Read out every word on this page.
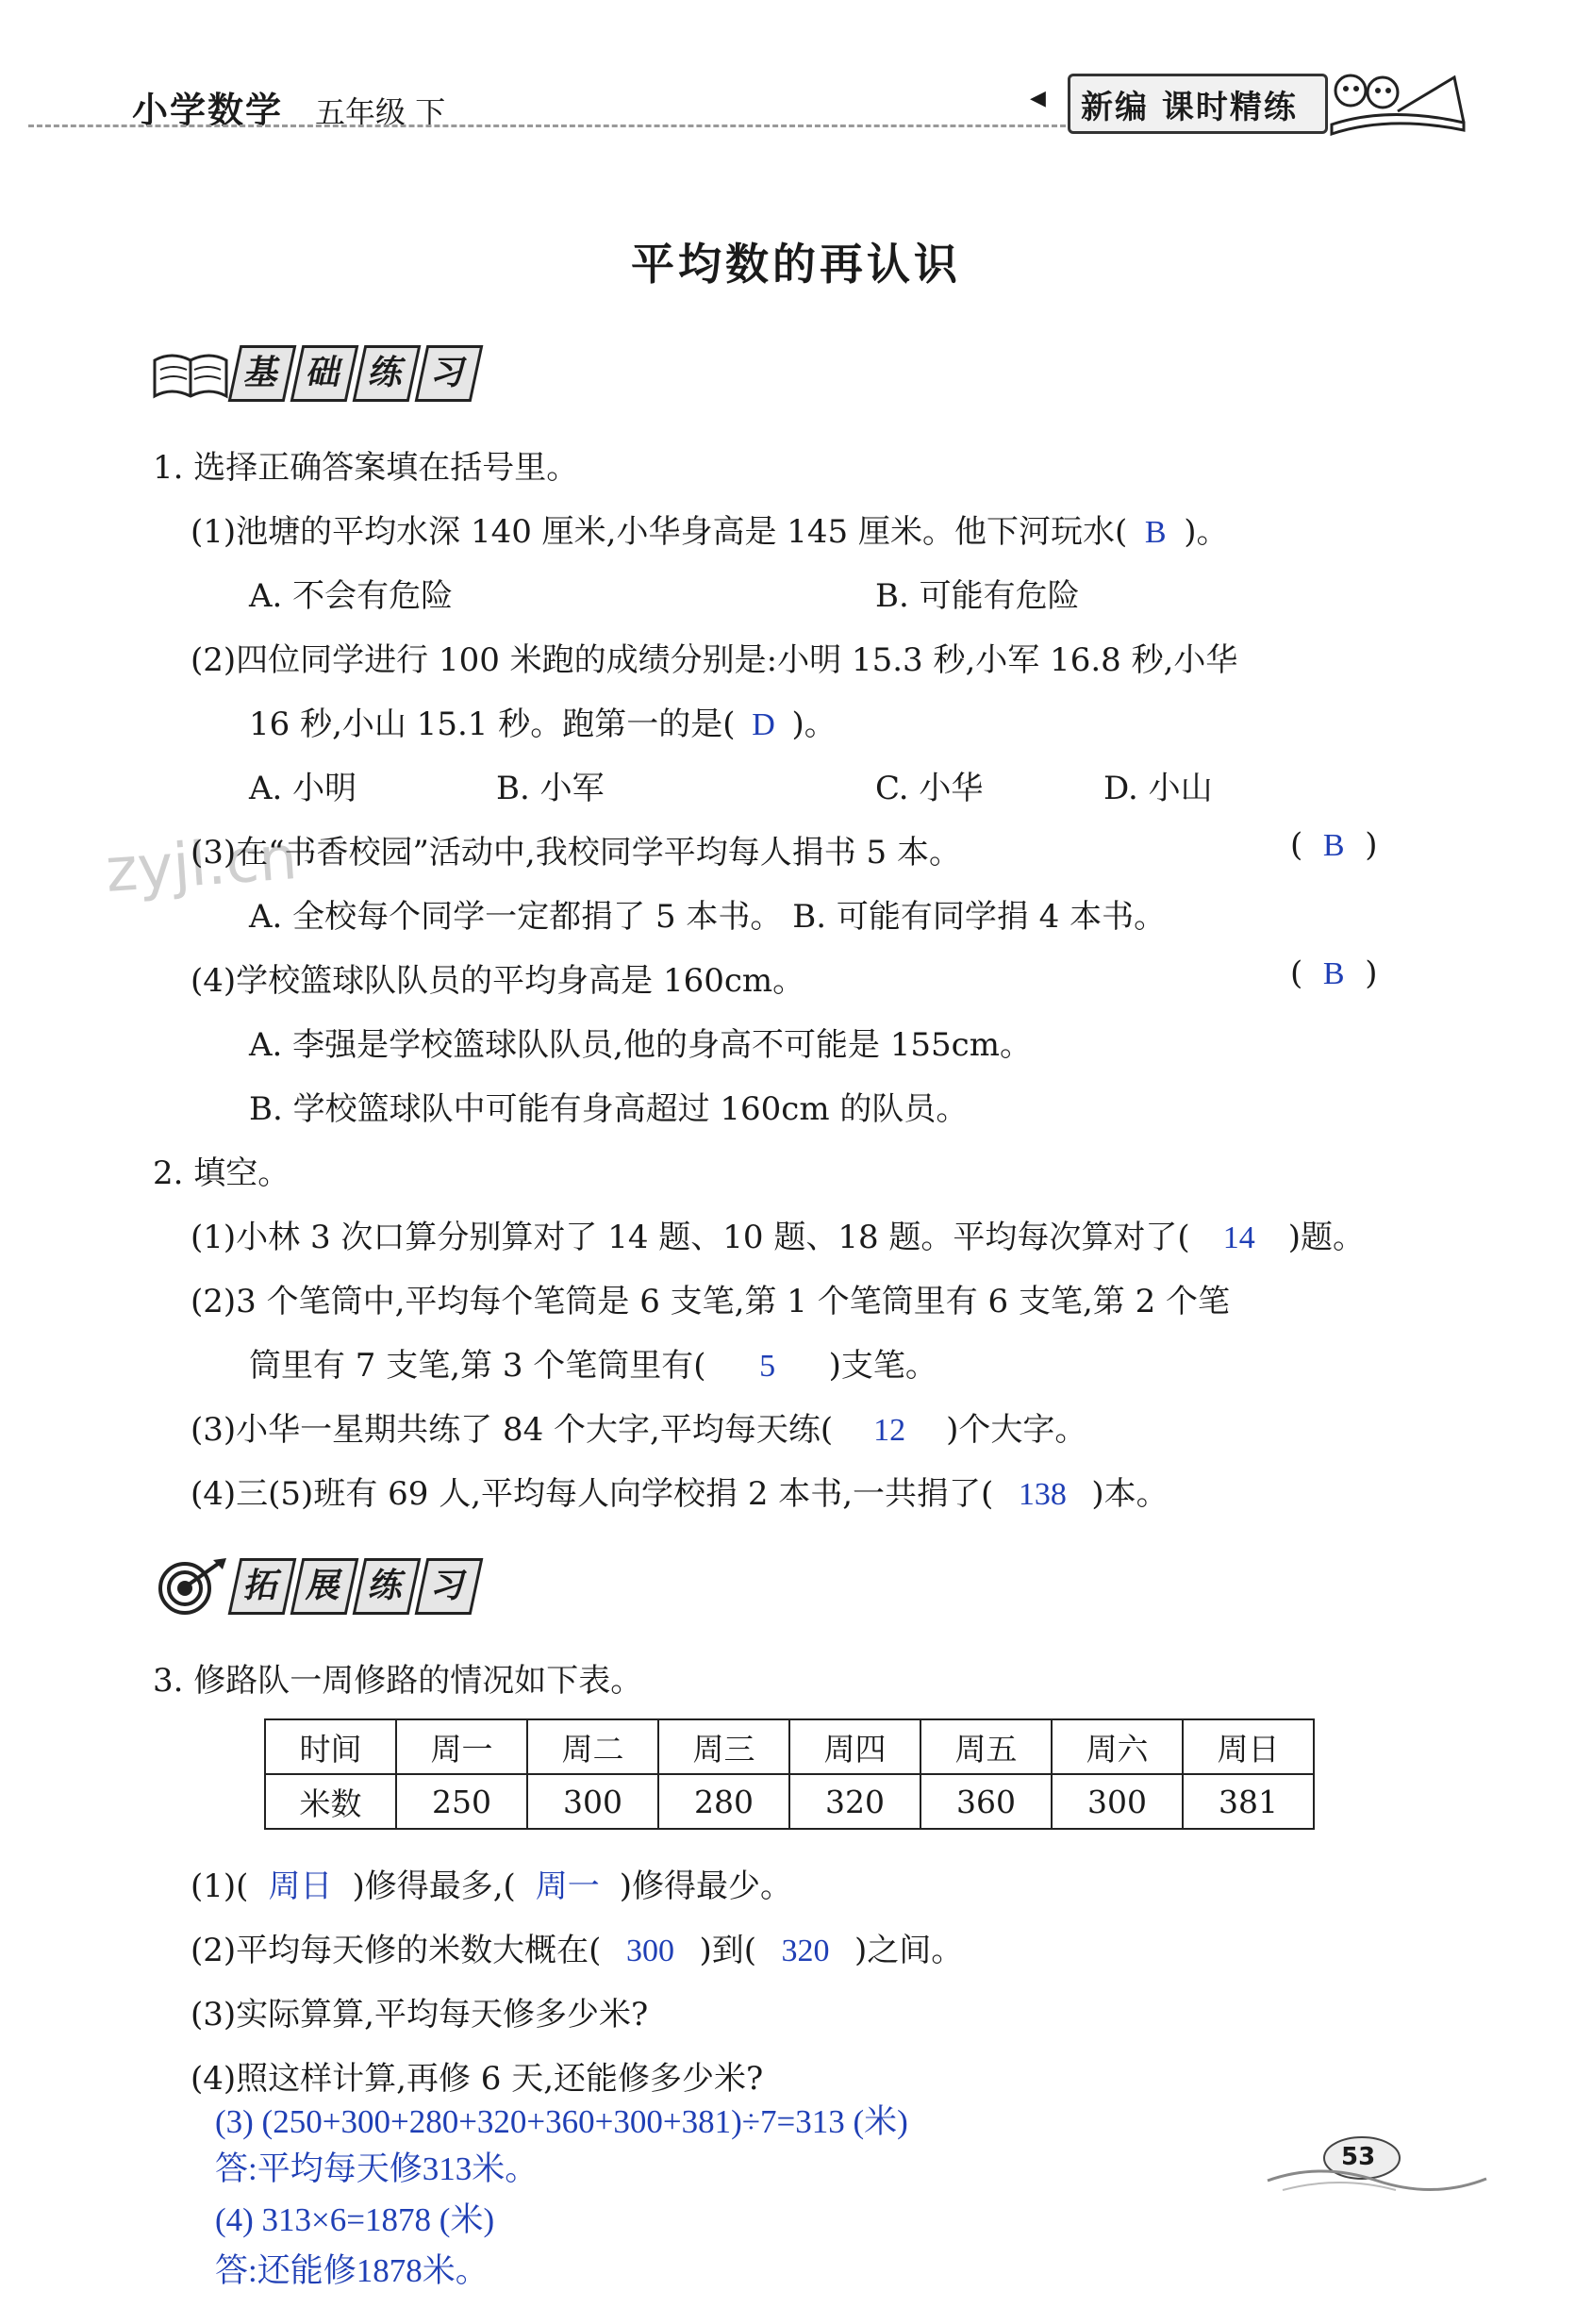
小学数学 五年级 下	◀ 新编 课时精练
平均数的再认识
基 础 练 习
1. 选择正确答案填在括号里。
(1)池塘的平均水深 140 厘米,小华身高是 145 厘米。他下河玩水( B )。
A. 不会有危险	B. 可能有危险
(2)四位同学进行 100 米跑的成绩分别是:小明 15.3 秒,小军 16.8 秒,小华
16 秒,小山 15.1 秒。跑第一的是( D )。
A. 小明	B. 小军	C. 小华	D. 小山
zyjl.cn
(3)在“书香校园”活动中,我校同学平均每人捐书 5 本。	( B )
A. 全校每个同学一定都捐了 5 本书。 B. 可能有同学捐 4 本书。
(4)学校篮球队队员的平均身高是 160cm。	( B )
A. 李强是学校篮球队队员,他的身高不可能是 155cm。
B. 学校篮球队中可能有身高超过 160cm 的队员。
2. 填空。
(1)小林 3 次口算分别算对了 14 题、10 题、18 题。平均每次算对了( 14 )题。
(2)3 个笔筒中,平均每个笔筒是 6 支笔,第 1 个笔筒里有 6 支笔,第 2 个笔
筒里有 7 支笔,第 3 个笔筒里有( 5 )支笔。
(3)小华一星期共练了 84 个大字,平均每天练( 12 )个大字。
(4)三(5)班有 69 人,平均每人向学校捐 2 本书,一共捐了( 138 )本。
拓 展 练 习
3. 修路队一周修路的情况如下表。
时间	周一	周二	周三	周四	周五	周六	周日
米数	250	300	280	320	360	300	381
(1)( 周日 )修得最多,( 周一 )修得最少。
(2)平均每天修的米数大概在( 300 )到( 320 )之间。
(3)实际算算,平均每天修多少米?
(4)照这样计算,再修 6 天,还能修多少米?
(3) (250+300+280+320+360+300+381)÷7=313 (米)
答:平均每天修313米。
(4) 313×6=1878 (米)
答:还能修1878米。
53
